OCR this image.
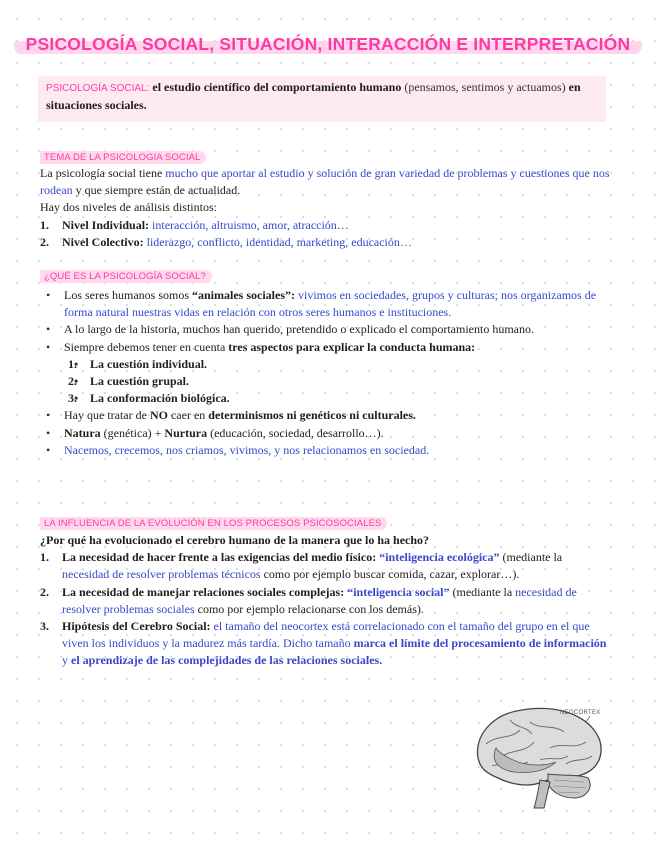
PSICOLOGÍA SOCIAL, SITUACIÓN, INTERACCIÓN E INTERPRETACIÓN
PSICOLOGÍA SOCIAL: el estudio científico del comportamiento humano (pensamos, sentimos y actuamos) en situaciones sociales.
TEMA DE LA PSICOLOGIA SOCIAL

La psicología social tiene mucho que aportar al estudio y solución de gran variedad de problemas y cuestiones que nos rodean y que siempre están de actualidad.

Hay dos niveles de análisis distintos:

1. Nivel Individual: interacción, altruismo, amor, atracción…
2. Nivel Colectivo: liderazgo, conflicto, identidad, marketing, educación…
¿QUÉ ES LA PSICOLOGÍA SOCIAL?
• Los seres humanos somos “animales sociales”: vivimos en sociedades, grupos y culturas; nos organizamos de forma natural nuestras vidas en relación con otros seres humanos e instituciones.
• A lo largo de la historia, muchos han querido, pretendido o explicado el comportamiento humano.
• Siempre debemos tener en cuenta tres aspectos para explicar la conducta humana:
• 1. La cuestión individual.
• 2. La cuestión grupal.
• 3. La conformación biológica.
• Hay que tratar de NO caer en determinismos ni genéticos ni culturales.
• Natura (genética) + Nurtura (educación, sociedad, desarrollo…).
• Nacemos, crecemos, nos criamos, vivimos, y nos relacionamos en sociedad.
LA INFLUENCIA DE LA EVOLUCIÓN EN LOS PROCESOS PSICOSOCIALES

¿Por qué ha evolucionado el cerebro humano de la manera que lo ha hecho?

1. La necesidad de hacer frente a las exigencias del medio físico: “inteligencia ecológica” (mediante la necesidad de resolver problemas técnicos como por ejemplo buscar comida, cazar, explorar…).
2. La necesidad de manejar relaciones sociales complejas: “inteligencia social” (mediante la necesidad de resolver problemas sociales como por ejemplo relacionarse con los demás).
3. Hipótesis del Cerebro Social: el tamaño del neocortex está correlacionado con el tamaño del grupo en el que viven los individuos y la madurez más tardía. Dicho tamaño marca el límite del procesamiento de información y el aprendizaje de las complejidades de las relaciones sociales.
NEOCÓRTEX
